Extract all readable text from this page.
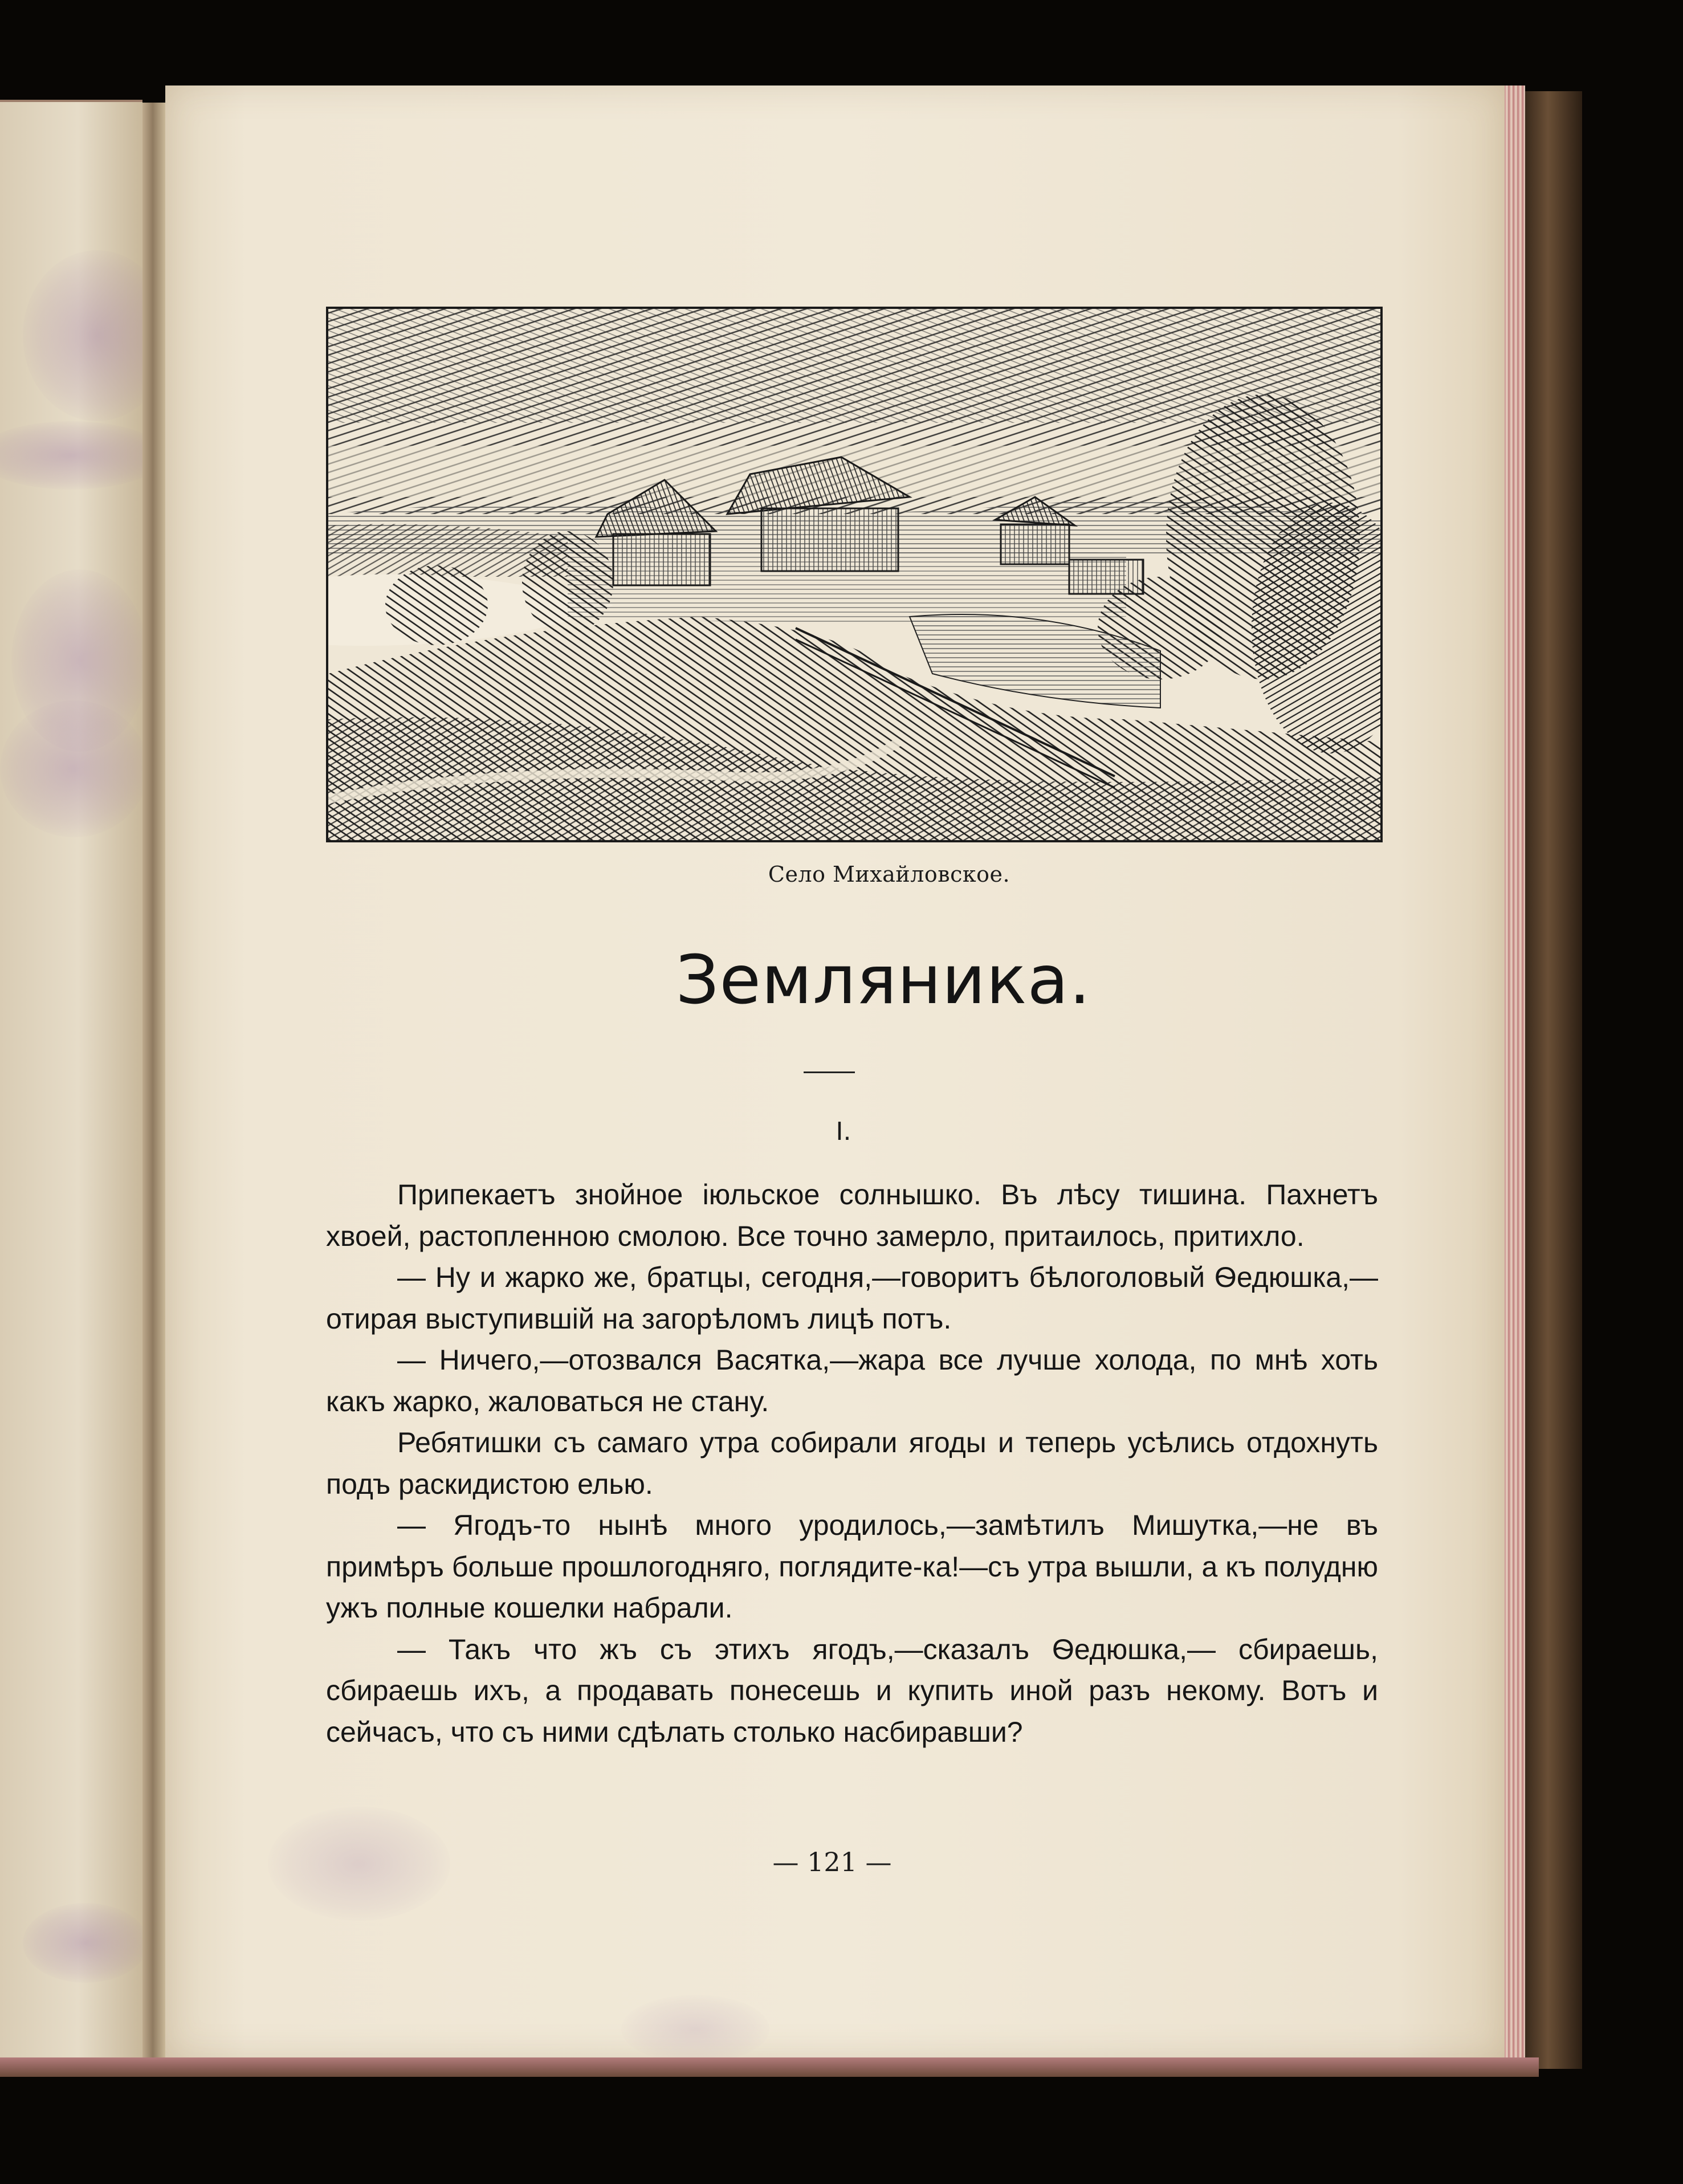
Село Михайловское.
Земляника.
I.

Припекаетъ знойное іюльское солнышко. Въ лѣсу тишина. Пахнетъ хвоей, растопленною смолою. Все точно замерло, притаилось, притихло.

— Ну и жарко же, братцы, сегодня,—говоритъ бѣлоголовый Ѳедюшка,—отирая выступившій на загорѣломъ лицѣ потъ.

— Ничего,—отозвался Васятка,—жара все лучше холода, по мнѣ хоть какъ жарко, жаловаться не стану.

Ребятишки съ самаго утра собирали ягоды и теперь усѣлись отдохнуть подъ раскидистою елью.

— Ягодъ-то нынѣ много уродилось,—замѣтилъ Мишутка,—не въ примѣръ больше прошлогодняго, поглядите-ка!—съ утра вышли, а къ полудню ужъ полные кошелки набрали.

— Такъ что жъ съ этихъ ягодъ,—сказалъ Ѳедюшка,— сбираешь, сбираешь ихъ, а продавать понесешь и купить иной разъ некому. Вотъ и сейчасъ, что съ ними сдѣлать столько насбиравши?

— 121 —
